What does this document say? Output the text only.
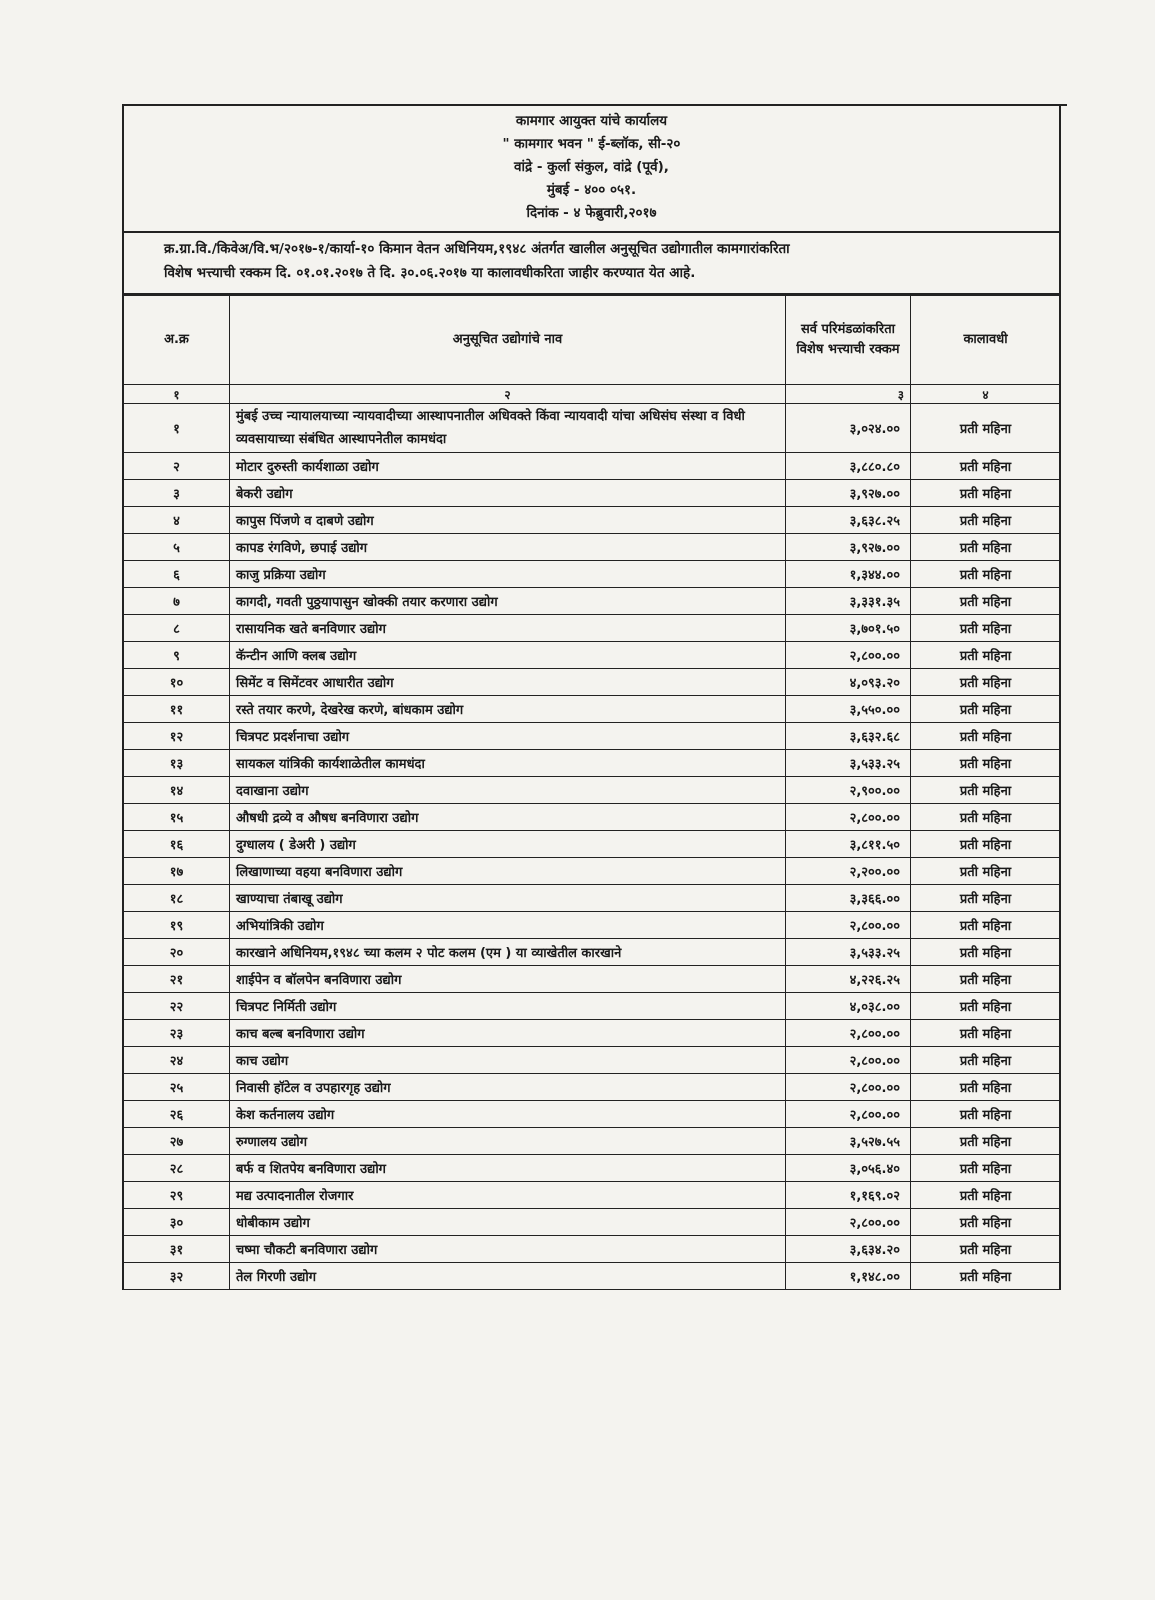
कामगार आयुक्त यांचे कार्यालय
" कामगार भवन " ई-ब्लॉक, सी-२०
वांद्रे - कुर्ला संकुल, वांद्रे (पूर्व),
मुंबई - ४०० ०५१.
दिनांक - ४ फेब्रुवारी,२०१७
क्र.ग्रा.वि./किवेअ/वि.भ/२०१७-१/कार्या-१० किमान वेतन अधिनियम,१९४८ अंतर्गत खालील अनुसूचित उद्योगातील कामगारांकरिता
विशेष भत्त्याची रक्कम दि. ०१.०१.२०१७ ते दि. ३०.०६.२०१७ या कालावधीकरिता जाहीर करण्यात येत आहे.
अ.क्र	अनुसूचित उद्योगांचे नाव	सर्व परिमंडळांकरिता विशेष भत्त्याची रक्कम	कालावधी
१	२	३	४
१	मुंबई उच्च न्यायालयाच्या न्यायवादीच्या आस्थापनातील अधिवक्ते किंवा न्यायवादी यांचा अधिसंघ संस्था व विधी व्यवसायाच्या संबंधित आस्थापनेतील कामधंदा	३,०२४.००	प्रती महिना
२	मोटार दुरुस्ती कार्यशाळा उद्योग	३,८८०.८०	प्रती महिना
३	बेकरी उद्योग	३,९२७.००	प्रती महिना
४	कापुस पिंजणे व दाबणे उद्योग	३,६३८.२५	प्रती महिना
५	कापड रंगविणे, छपाई उद्योग	३,९२७.००	प्रती महिना
६	काजु प्रक्रिया उद्योग	१,३४४.००	प्रती महिना
७	कागदी, गवती पुठ्ठयापासुन खोक्की तयार करणारा उद्योग	३,३३१.३५	प्रती महिना
८	रासायनिक खते बनविणार उद्योग	३,७०१.५०	प्रती महिना
९	कॅन्टीन आणि क्लब उद्योग	२,८००.००	प्रती महिना
१०	सिमेंट व सिमेंटवर आधारीत उद्योग	४,०९३.२०	प्रती महिना
११	रस्ते तयार करणे, देखरेख करणे, बांधकाम उद्योग	३,५५०.००	प्रती महिना
१२	चित्रपट प्रदर्शनाचा उद्योग	३,६३२.६८	प्रती महिना
१३	सायकल यांत्रिकी कार्यशाळेतील कामधंदा	३,५३३.२५	प्रती महिना
१४	दवाखाना उद्योग	२,९००.००	प्रती महिना
१५	औषधी द्रव्ये व औषध बनविणारा उद्योग	२,८००.००	प्रती महिना
१६	दुग्धालय ( डेअरी ) उद्योग	३,८११.५०	प्रती महिना
१७	लिखाणाच्या वहया बनविणारा उद्योग	२,२००.००	प्रती महिना
१८	खाण्याचा तंबाखू उद्योग	३,३६६.००	प्रती महिना
१९	अभियांत्रिकी उद्योग	२,८००.००	प्रती महिना
२०	कारखाने अधिनियम,१९४८ च्या कलम २ पोट कलम (एम ) या व्याखेतील कारखाने	३,५३३.२५	प्रती महिना
२१	शाईपेन व बॉलपेन बनविणारा उद्योग	४,२२६.२५	प्रती महिना
२२	चित्रपट निर्मिती उद्योग	४,०३८.००	प्रती महिना
२३	काच बल्ब बनविणारा उद्योग	२,८००.००	प्रती महिना
२४	काच उद्योग	२,८००.००	प्रती महिना
२५	निवासी हॉटेल व उपहारगृह उद्योग	२,८००.००	प्रती महिना
२६	केश कर्तनालय उद्योग	२,८००.००	प्रती महिना
२७	रुग्णालय उद्योग	३,५२७.५५	प्रती महिना
२८	बर्फ व शितपेय बनविणारा उद्योग	३,०५६.४०	प्रती महिना
२९	मद्य उत्पादनातील रोजगार	१,१६९.०२	प्रती महिना
३०	धोबीकाम उद्योग	२,८००.००	प्रती महिना
३१	चष्मा चौकटी बनविणारा उद्योग	३,६३४.२०	प्रती महिना
३२	तेल गिरणी उद्योग	१,१४८.००	प्रती महिना
